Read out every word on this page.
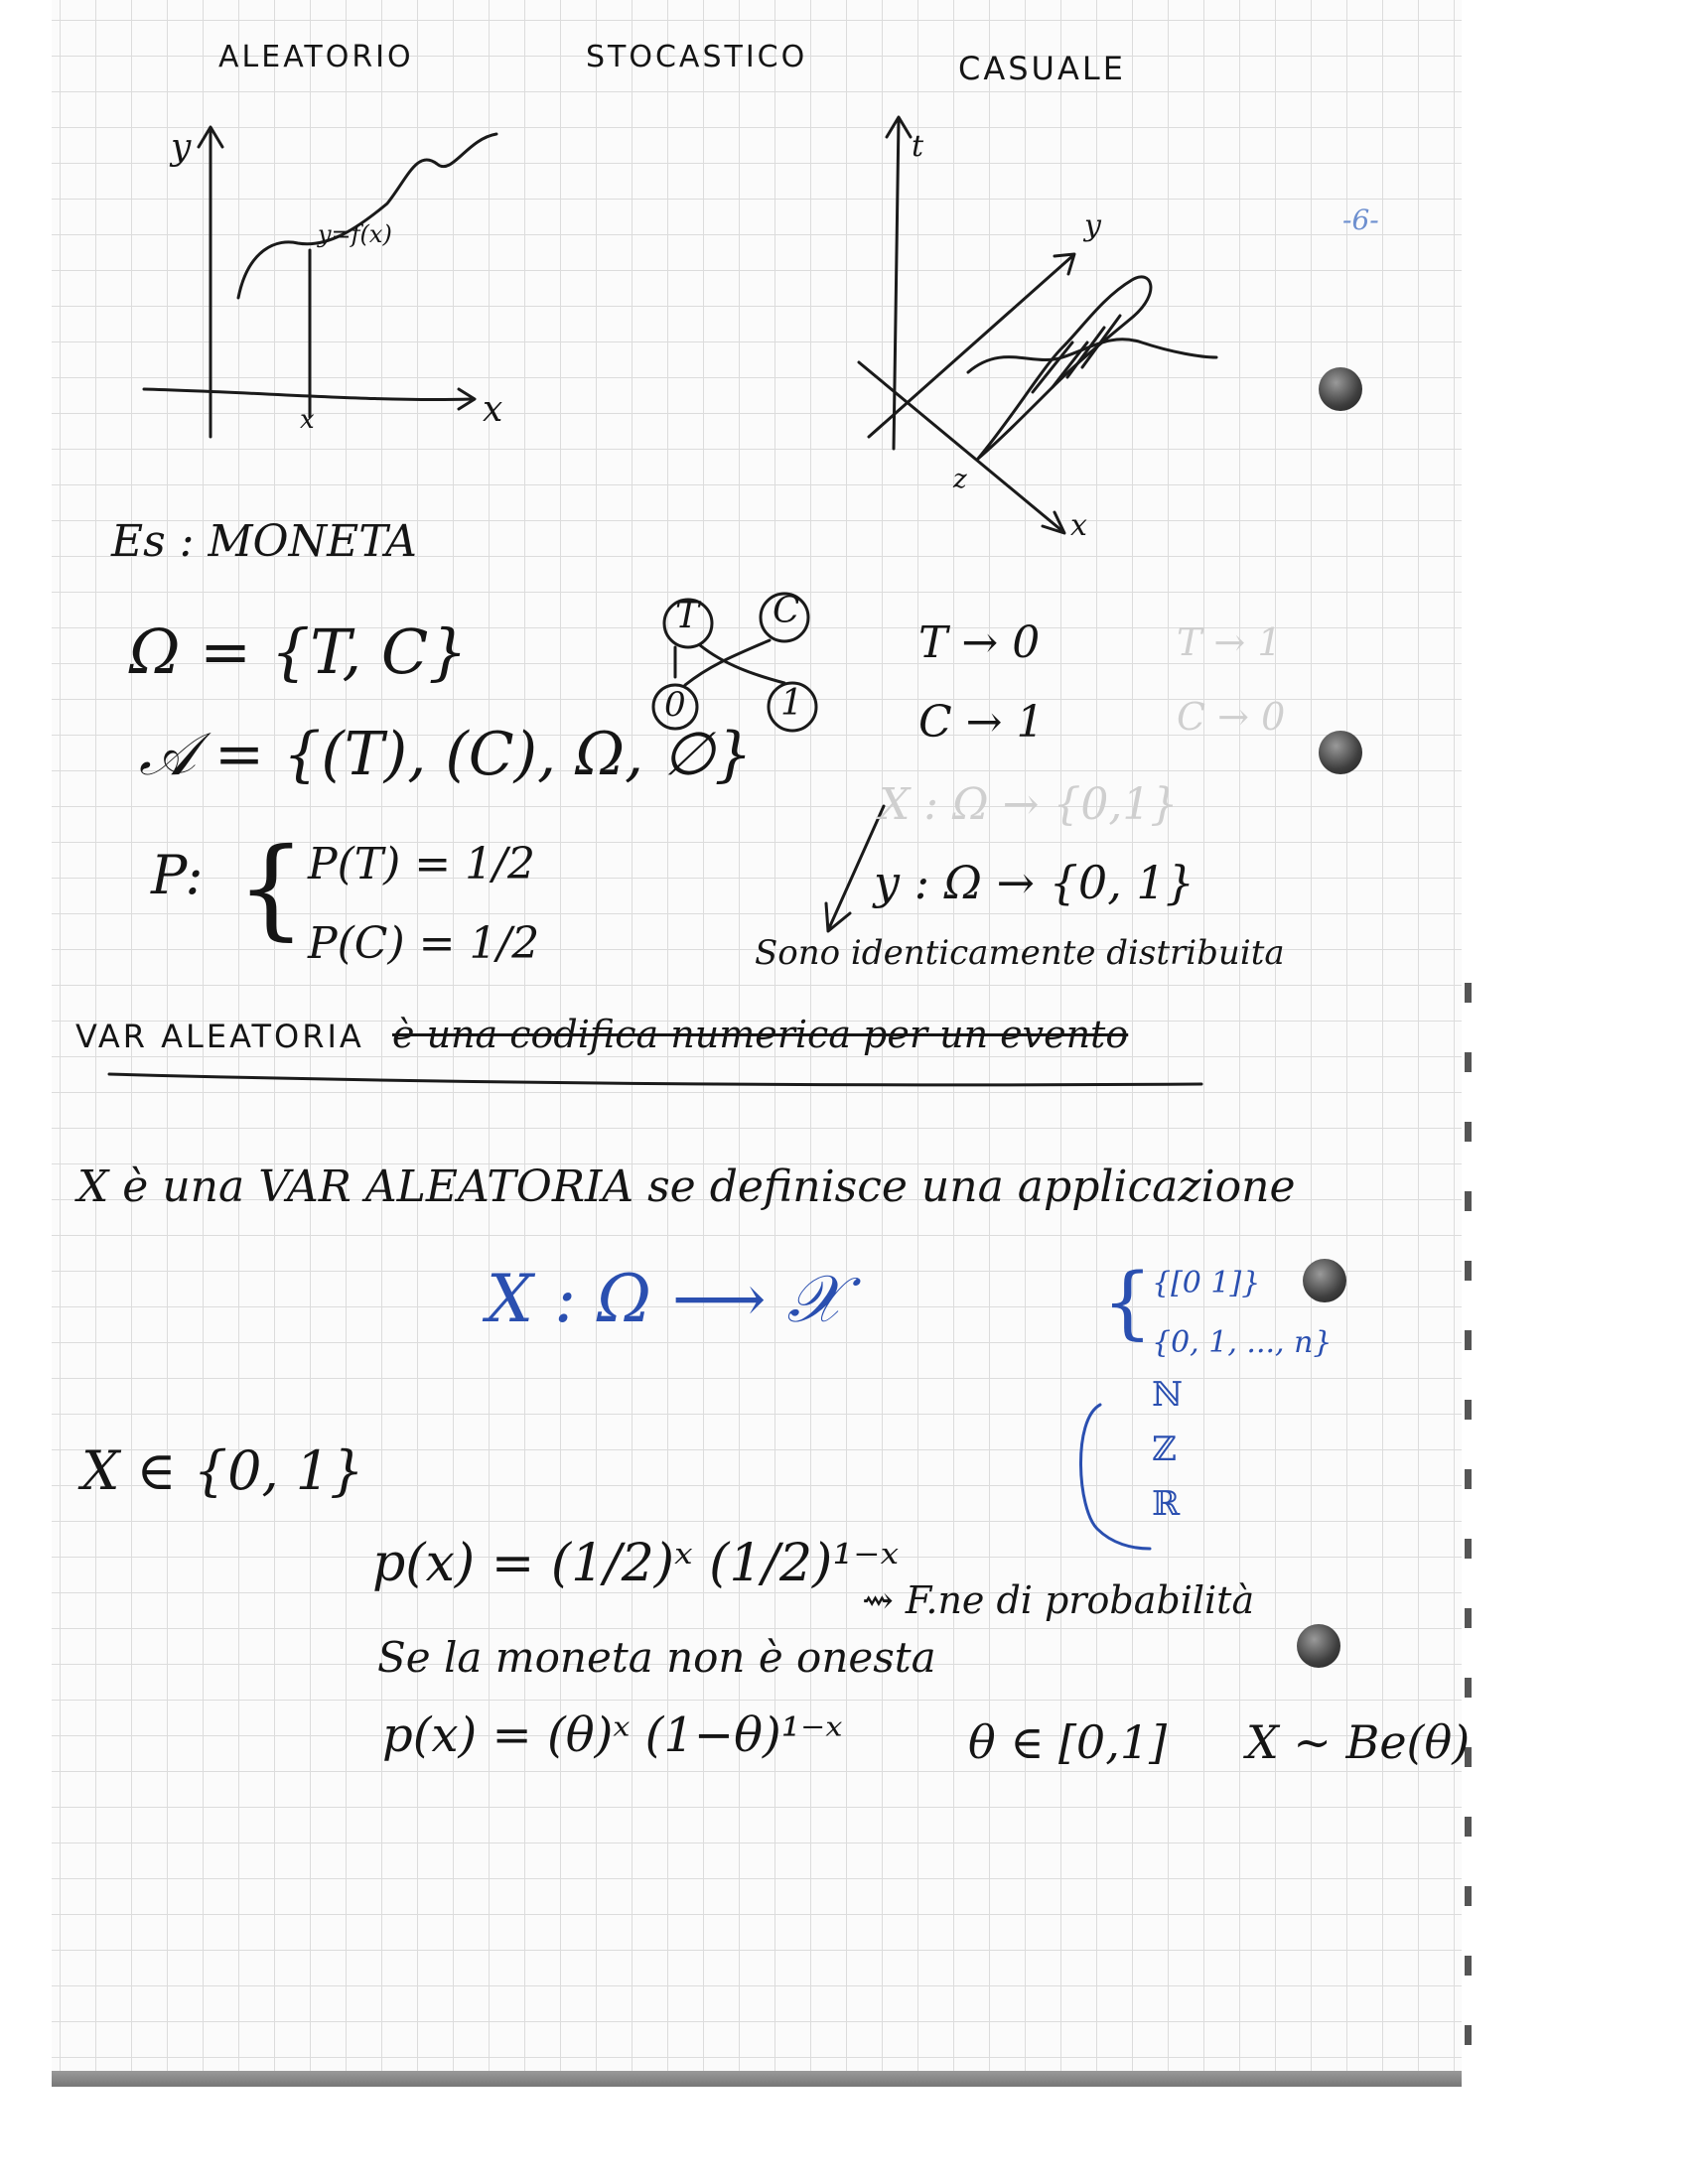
ALEATORIO	STOCASTICO	CASUALE
-6-
y
x
x
y=f(x)
t
y
x
z
Es : MONETA
Ω = {T, C}
𝒜 = {(T), (C), Ω, ∅}
P: { P(T) = 1/2
P(C) = 1/2
T C
0	1
T → 0
C → 1
T → 1
C → 0
X : Ω → {0,1}
y : Ω → {0, 1}
Sono identicamente distribuita
VAR ALEATORIA è una codifica numerica per un evento
X è una VAR ALEATORIA se definisce una applicazione
X : Ω ⟶ 𝒳	{ {[0 1]}
{0, 1, ..., n}
ℕ
ℤ
ℝ
X ∈ {0, 1}
p(x) = (1/2)ˣ (1/2)¹⁻ˣ
⇝ F.ne di probabilità
Se la moneta non è onesta
p(x) = (θ)ˣ (1−θ)¹⁻ˣ	θ ∈ [0,1] X ~ Be(θ)
